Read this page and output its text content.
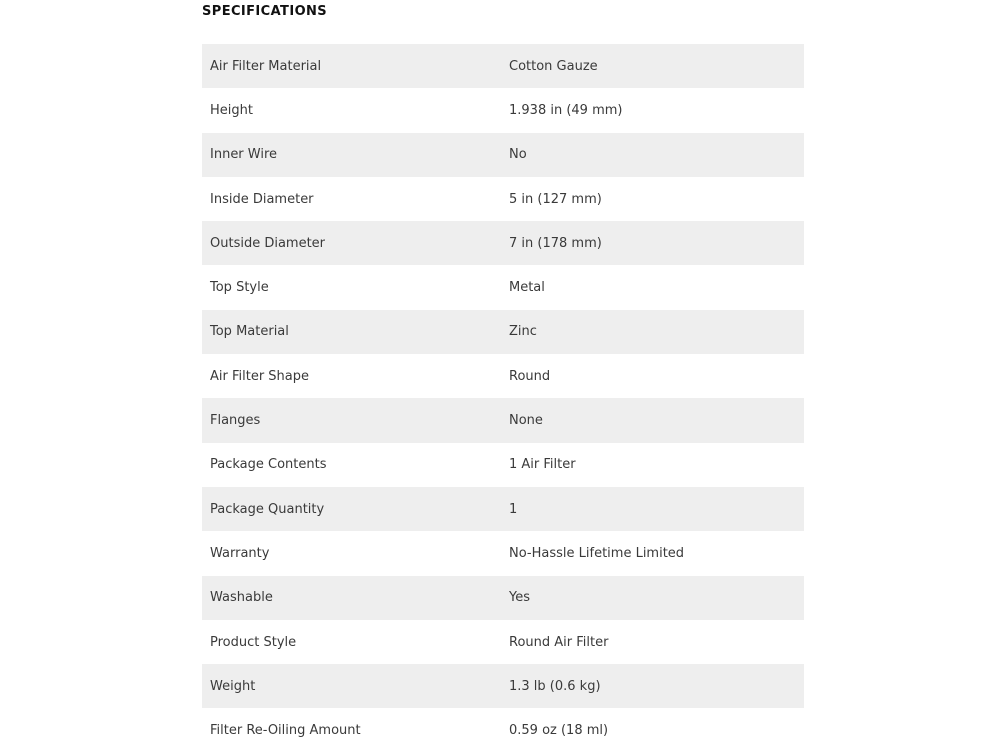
SPECIFICATIONS
Air Filter Material	Cotton Gauze
Height	1.938 in (49 mm)
Inner Wire	No
Inside Diameter	5 in (127 mm)
Outside Diameter	7 in (178 mm)
Top Style	Metal
Top Material	Zinc
Air Filter Shape	Round
Flanges	None
Package Contents	1 Air Filter
Package Quantity	1
Warranty	No-Hassle Lifetime Limited
Washable	Yes
Product Style	Round Air Filter
Weight	1.3 lb (0.6 kg)
Filter Re-Oiling Amount	0.59 oz (18 ml)
